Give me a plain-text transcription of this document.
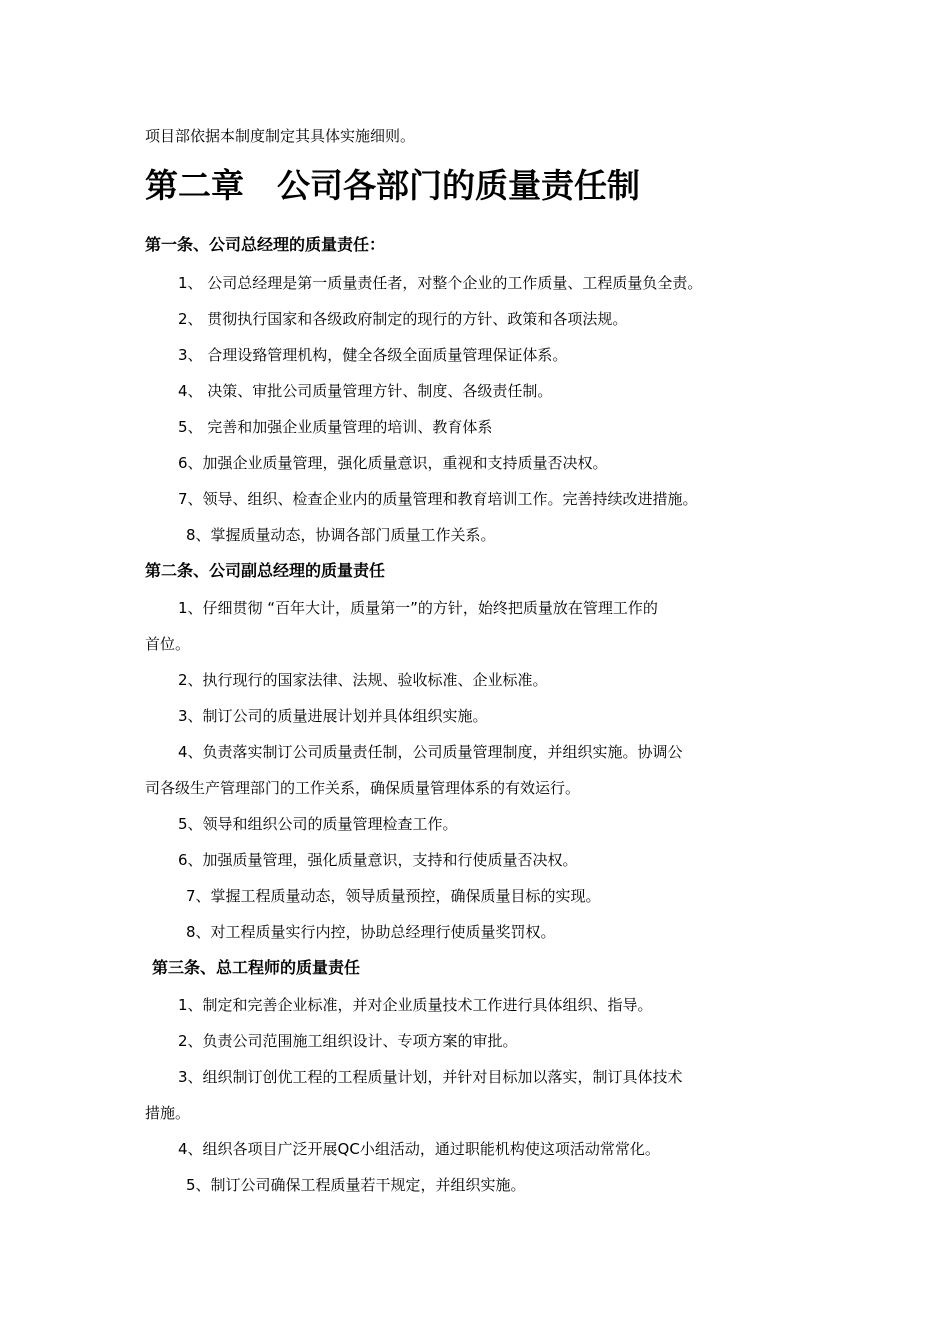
项目部依据本制度制定其具体实施细则。
第二章　公司各部门的质量责任制
第一条、公司总经理的质量责任：
1、 公司总经理是第一质量责任者，对整个企业的工作质量、工程质量负全责。
2、 贯彻执行国家和各级政府制定的现行的方针、政策和各项法规。
3、 合理设臵管理机构，健全各级全面质量管理保证体系。
4、 决策、审批公司质量管理方针、制度、各级责任制。
5、 完善和加强企业质量管理的培训、教育体系
6、加强企业质量管理，强化质量意识，重视和支持质量否决权。
7、领导、组织、检查企业内的质量管理和教育培训工作。完善持续改进措施。
8、掌握质量动态，协调各部门质量工作关系。
第二条、公司副总经理的质量责任
1、仔细贯彻 “百年大计，质量第一”的方针，始终把质量放在管理工作的
首位。
2、执行现行的国家法律、法规、验收标准、企业标准。
3、制订公司的质量进展计划并具体组织实施。
4、负责落实制订公司质量责任制，公司质量管理制度，并组织实施。协调公
司各级生产管理部门的工作关系，确保质量管理体系的有效运行。
5、领导和组织公司的质量管理检查工作。
6、加强质量管理，强化质量意识，支持和行使质量否决权。
7、掌握工程质量动态，领导质量预控，确保质量目标的实现。
8、对工程质量实行内控，协助总经理行使质量奖罚权。
第三条、总工程师的质量责任
1、制定和完善企业标准，并对企业质量技术工作进行具体组织、指导。
2、负责公司范围施工组织设计、专项方案的审批。
3、组织制订创优工程的工程质量计划，并针对目标加以落实，制订具体技术
措施。
4、组织各项目广泛开展QC小组活动，通过职能机构使这项活动常常化。
5、制订公司确保工程质量若干规定，并组织实施。
